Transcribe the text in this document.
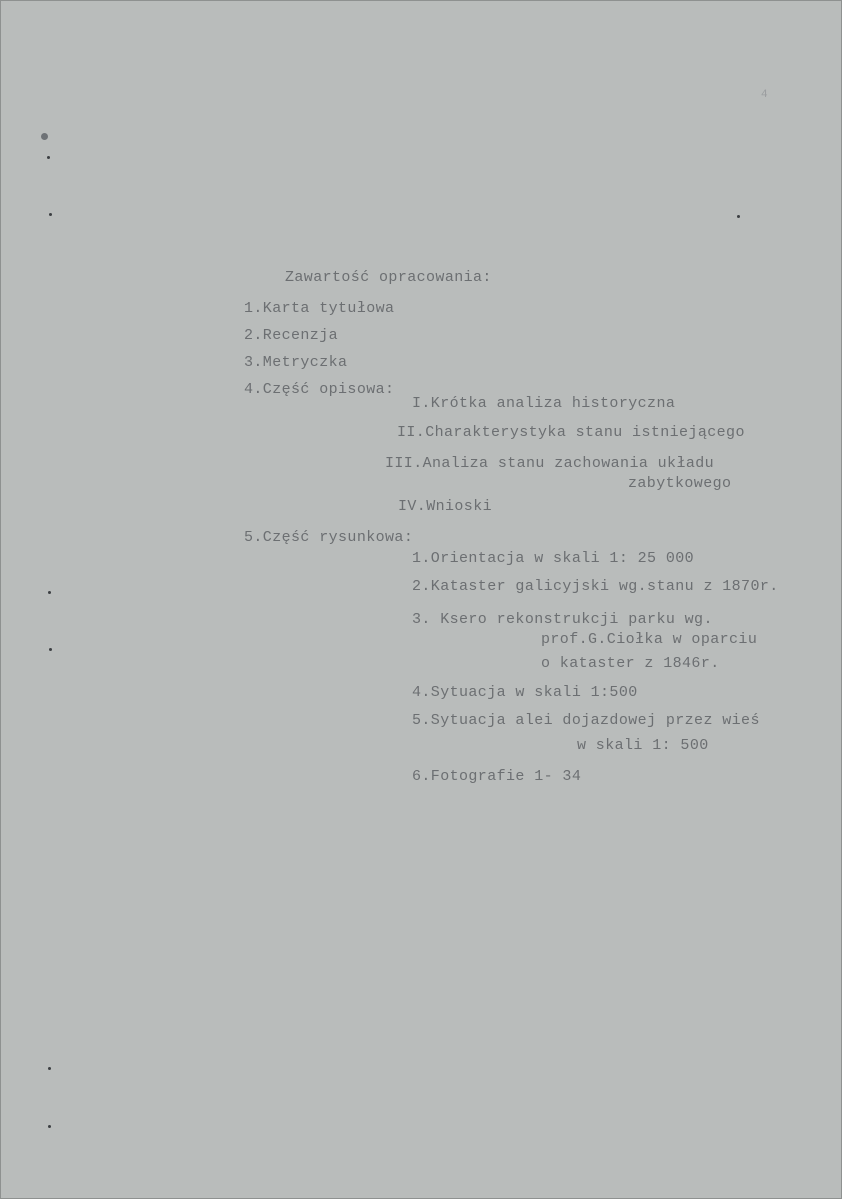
4
Zawartość opracowania:
1.Karta tytułowa
2.Recenzja
3.Metryczka
4.Część opisowa:
I.Krótka analiza historyczna
II.Charakterystyka stanu istniejącego
III.Analiza stanu zachowania układu
zabytkowego
IV.Wnioski
5.Część rysunkowa:
1.Orientacja w skali 1: 25 000
2.Kataster galicyjski wg.stanu z 1870r.
3. Ksero rekonstrukcji parku wg.
prof.G.Ciołka w oparciu
o kataster z 1846r.
4.Sytuacja w skali 1:500
5.Sytuacja alei dojazdowej przez wieś
w skali 1: 500
6.Fotografie 1- 34
